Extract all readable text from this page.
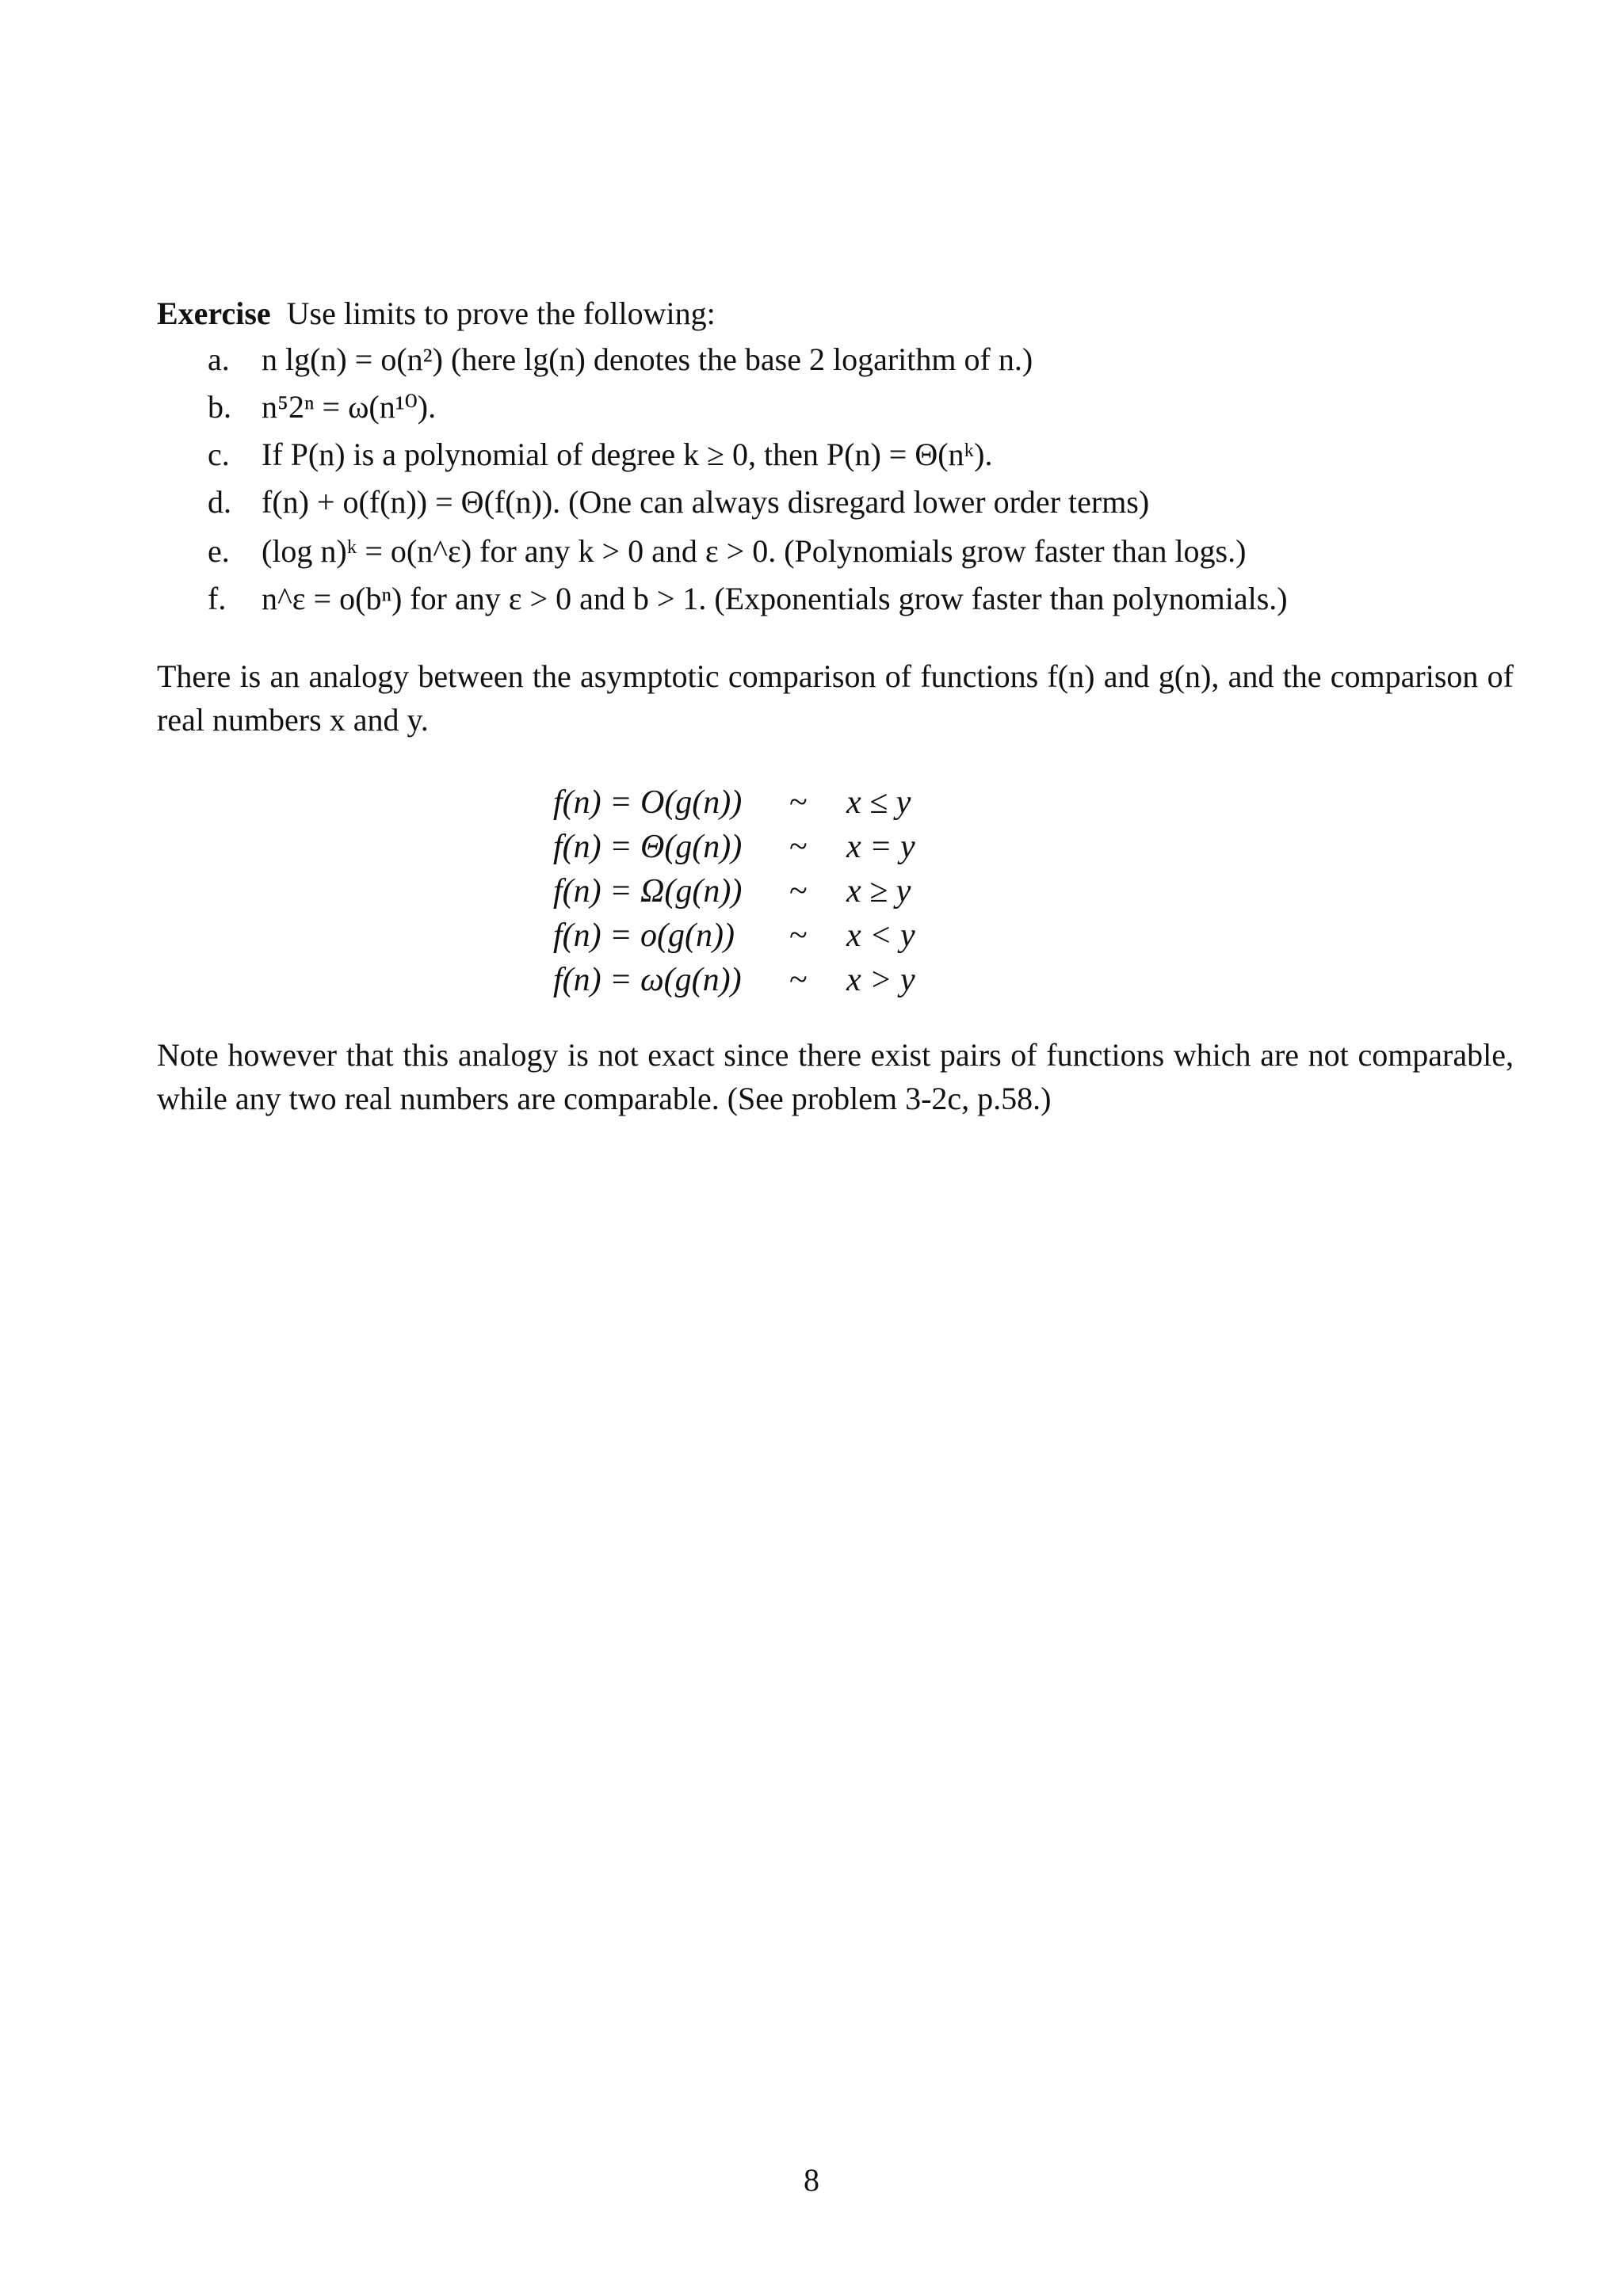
Exercise Use limits to prove the following:
a. n lg(n) = o(n²) (here lg(n) denotes the base 2 logarithm of n.)
b. n⁵2ⁿ = ω(n¹⁰).
c. If P(n) is a polynomial of degree k ≥ 0, then P(n) = Θ(nᵏ).
d. f(n) + o(f(n)) = Θ(f(n)). (One can always disregard lower order terms)
e. (log n)ᵏ = o(n^ε) for any k > 0 and ε > 0. (Polynomials grow faster than logs.)
f. n^ε = o(bⁿ) for any ε > 0 and b > 1. (Exponentials grow faster than polynomials.)

There is an analogy between the asymptotic comparison of functions f(n) and g(n), and the comparison of real numbers x and y.

f(n) = O(g(n)) ~ x ≤ y
f(n) = Θ(g(n)) ~ x = y
f(n) = Ω(g(n)) ~ x ≥ y
f(n) = o(g(n)) ~ x < y
f(n) = ω(g(n)) ~ x > y

Note however that this analogy is not exact since there exist pairs of functions which are not comparable, while any two real numbers are comparable. (See problem 3-2c, p.58.)

8
